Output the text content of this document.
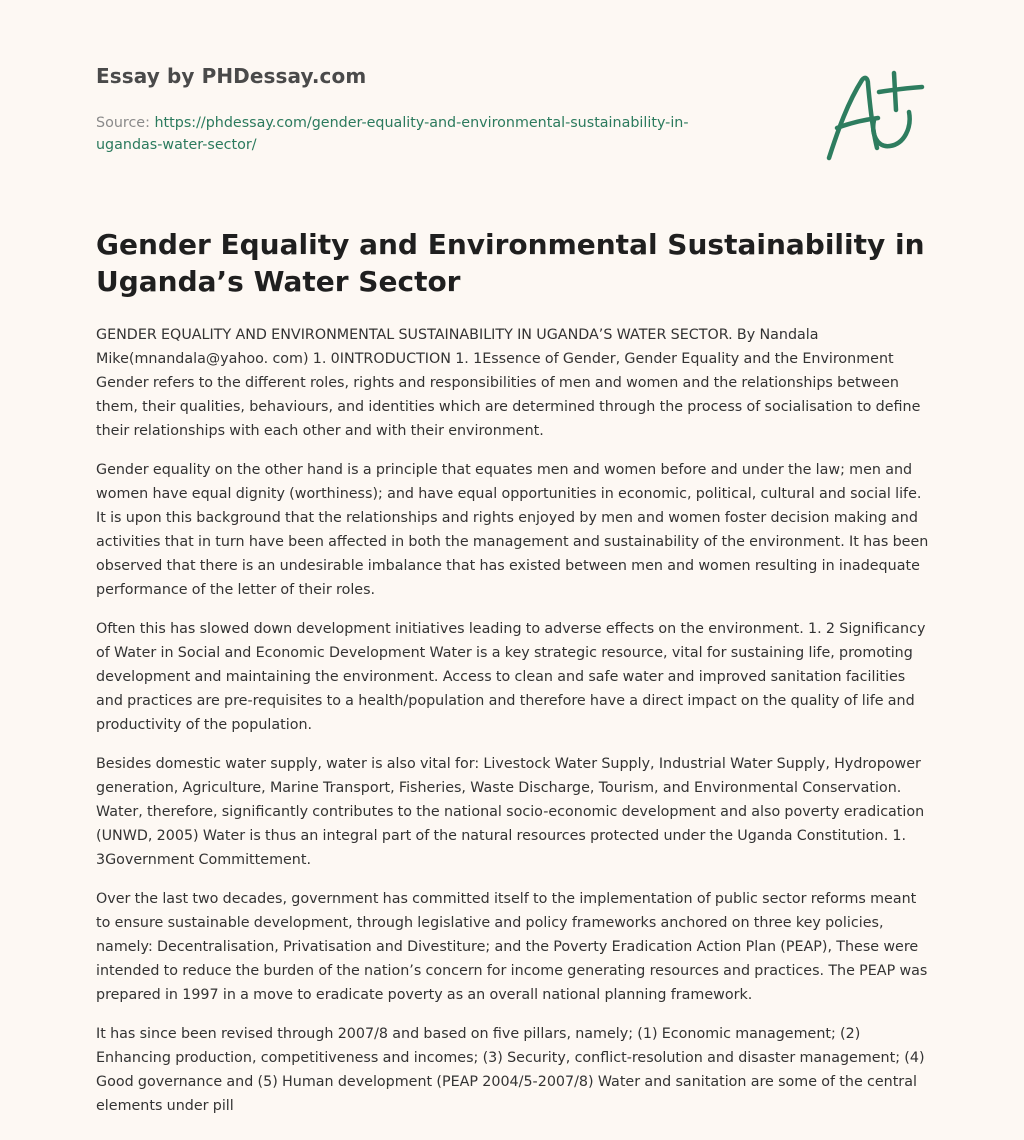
Essay by PHDessay.com

Source: https://phdessay.com/gender-equality-and-environmental-sustainability-in-ugandas-water-sector/

Gender Equality and Environmental Sustainability in Uganda’s Water Sector

GENDER EQUALITY AND ENVIRONMENTAL SUSTAINABILITY IN UGANDA’S WATER SECTOR. By Nandala Mike(mnandala@yahoo. com) 1. 0INTRODUCTION 1. 1Essence of Gender, Gender Equality and the Environment Gender refers to the different roles, rights and responsibilities of men and women and the relationships between them, their qualities, behaviours, and identities which are determined through the process of socialisation to define their relationships with each other and with their environment.

Gender equality on the other hand is a principle that equates men and women before and under the law; men and women have equal dignity (worthiness); and have equal opportunities in economic, political, cultural and social life. It is upon this background that the relationships and rights enjoyed by men and women foster decision making and activities that in turn have been affected in both the management and sustainability of the environment. It has been observed that there is an undesirable imbalance that has existed between men and women resulting in inadequate performance of the letter of their roles.

Often this has slowed down development initiatives leading to adverse effects on the environment. 1. 2 Significancy of Water in Social and Economic Development Water is a key strategic resource, vital for sustaining life, promoting development and maintaining the environment. Access to clean and safe water and improved sanitation facilities and practices are pre-requisites to a health/population and therefore have a direct impact on the quality of life and productivity of the population.

Besides domestic water supply, water is also vital for: Livestock Water Supply, Industrial Water Supply, Hydropower generation, Agriculture, Marine Transport, Fisheries, Waste Discharge, Tourism, and Environmental Conservation. Water, therefore, significantly contributes to the national socio-economic development and also poverty eradication (UNWD, 2005) Water is thus an integral part of the natural resources protected under the Uganda Constitution. 1. 3Government Committement.

Over the last two decades, government has committed itself to the implementation of public sector reforms meant to ensure sustainable development, through legislative and policy frameworks anchored on three key policies, namely: Decentralisation, Privatisation and Divestiture; and the Poverty Eradication Action Plan (PEAP), These were intended to reduce the burden of the nation’s concern for income generating resources and practices. The PEAP was prepared in 1997 in a move to eradicate poverty as an overall national planning framework.

It has since been revised through 2007/8 and based on five pillars, namely; (1) Economic management; (2) Enhancing production, competitiveness and incomes; (3) Security, conflict-resolution and disaster management; (4) Good governance and (5) Human development (PEAP 2004/5-2007/8) Water and sanitation are some of the central elements under pill
